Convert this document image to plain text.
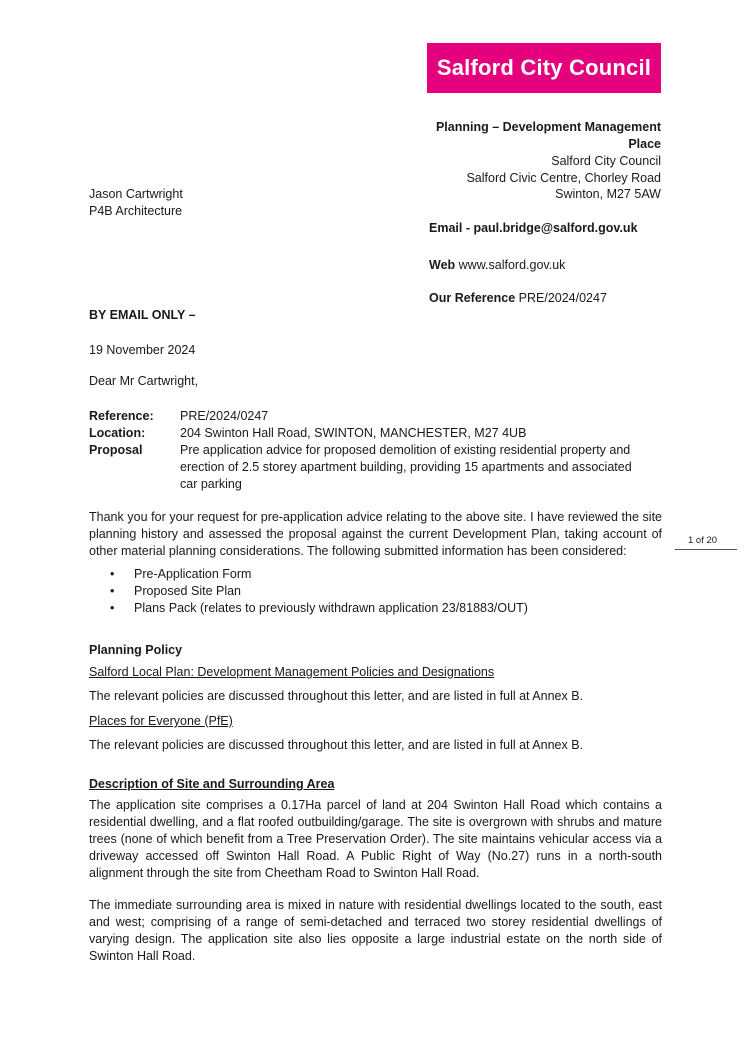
Salford City Council
Planning – Development Management
Place
Salford City Council
Salford Civic Centre, Chorley Road
Swinton, M27 5AW
Jason Cartwright
P4B Architecture
Email - paul.bridge@salford.gov.uk
Web www.salford.gov.uk
Our Reference PRE/2024/0247
BY EMAIL ONLY –
19 November 2024
Dear Mr Cartwright,
Reference:	PRE/2024/0247
Location:	204 Swinton Hall Road, SWINTON, MANCHESTER, M27 4UB
Proposal	Pre application advice for proposed demolition of existing residential property and erection of 2.5 storey apartment building, providing 15 apartments and associated car parking
Thank you for your request for pre-application advice relating to the above site. I have reviewed the site planning history and assessed the proposal against the current Development Plan, taking account of other material planning considerations. The following submitted information has been considered:
1 of 20
• Pre-Application Form
• Proposed Site Plan
• Plans Pack (relates to previously withdrawn application 23/81883/OUT)
Planning Policy
Salford Local Plan: Development Management Policies and Designations
The relevant policies are discussed throughout this letter, and are listed in full at Annex B.
Places for Everyone (PfE)
The relevant policies are discussed throughout this letter, and are listed in full at Annex B.
Description of Site and Surrounding Area
The application site comprises a 0.17Ha parcel of land at 204 Swinton Hall Road which contains a residential dwelling, and a flat roofed outbuilding/garage. The site is overgrown with shrubs and mature trees (none of which benefit from a Tree Preservation Order). The site maintains vehicular access via a driveway accessed off Swinton Hall Road. A Public Right of Way (No.27) runs in a north-south alignment through the site from Cheetham Road to Swinton Hall Road.
The immediate surrounding area is mixed in nature with residential dwellings located to the south, east and west; comprising of a range of semi-detached and terraced two storey residential dwellings of varying design. The application site also lies opposite a large industrial estate on the north side of Swinton Hall Road.
